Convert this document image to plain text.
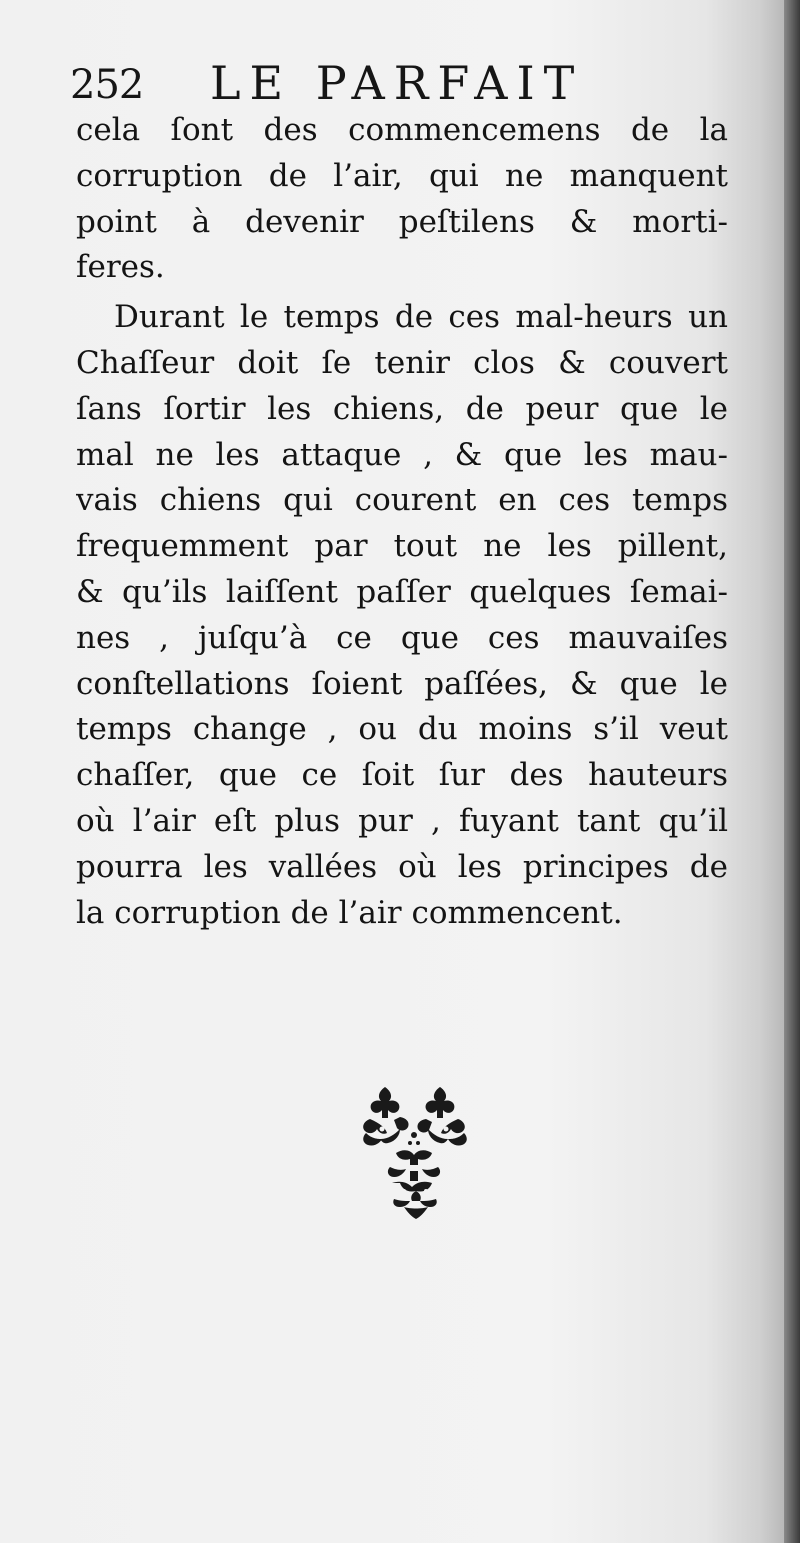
252 LE PARFAIT
cela ſont des commencemens de la
corruption de l’air, qui ne manquent
point à devenir peſtilens & morti-
feres.
Durant le temps de ces mal-heurs un
Chaſſeur doit ſe tenir clos & couvert
ſans ſortir les chiens, de peur que le
mal ne les attaque , & que les mau-
vais chiens qui courent en ces temps
frequemment par tout ne les pillent,
& qu’ils laiſſent paſſer quelques ſemai-
nes , juſqu’à ce que ces mauvaiſes
conſtellations ſoient paſſées, & que le
temps change , ou du moins s’il veut
chaſſer, que ce ſoit ſur des hauteurs
où l’air eſt plus pur , fuyant tant qu’il
pourra les vallées où les principes de
la corruption de l’air commencent.
